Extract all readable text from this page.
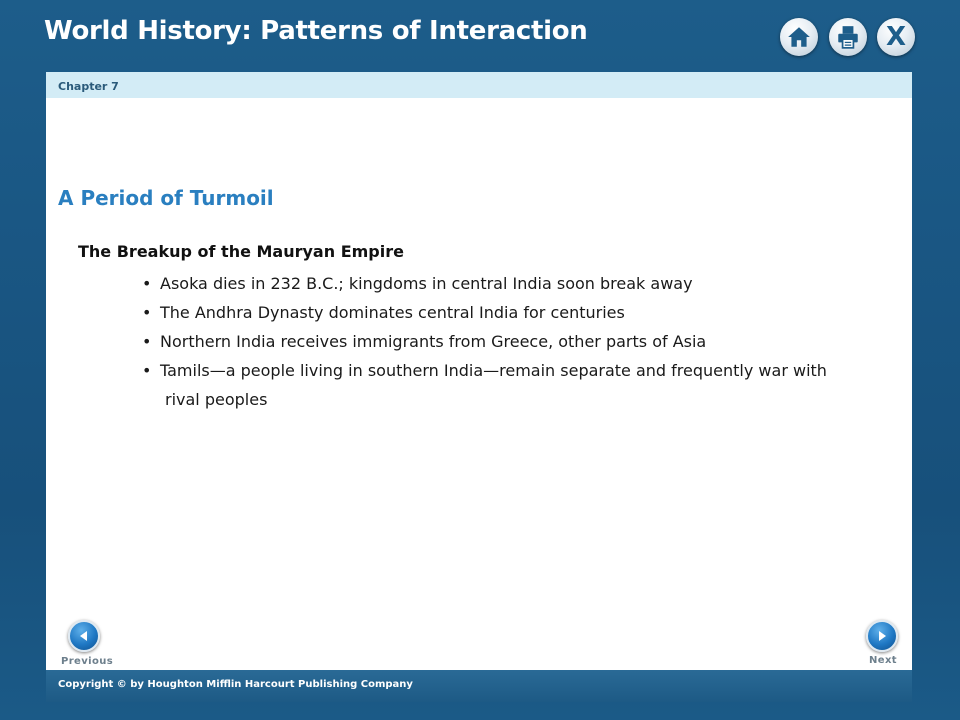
World History: Patterns of Interaction	X
Chapter 7
A Period of Turmoil
The Breakup of the Mauryan Empire
• Asoka dies in 232 B.C.; kingdoms in central India soon break away
• The Andhra Dynasty dominates central India for centuries
• Northern India receives immigrants from Greece, other parts of Asia
• Tamils—a people living in southern India—remain separate and frequently war with
rival peoples
Previous	Next
Copyright © by Houghton Mifflin Harcourt Publishing Company
